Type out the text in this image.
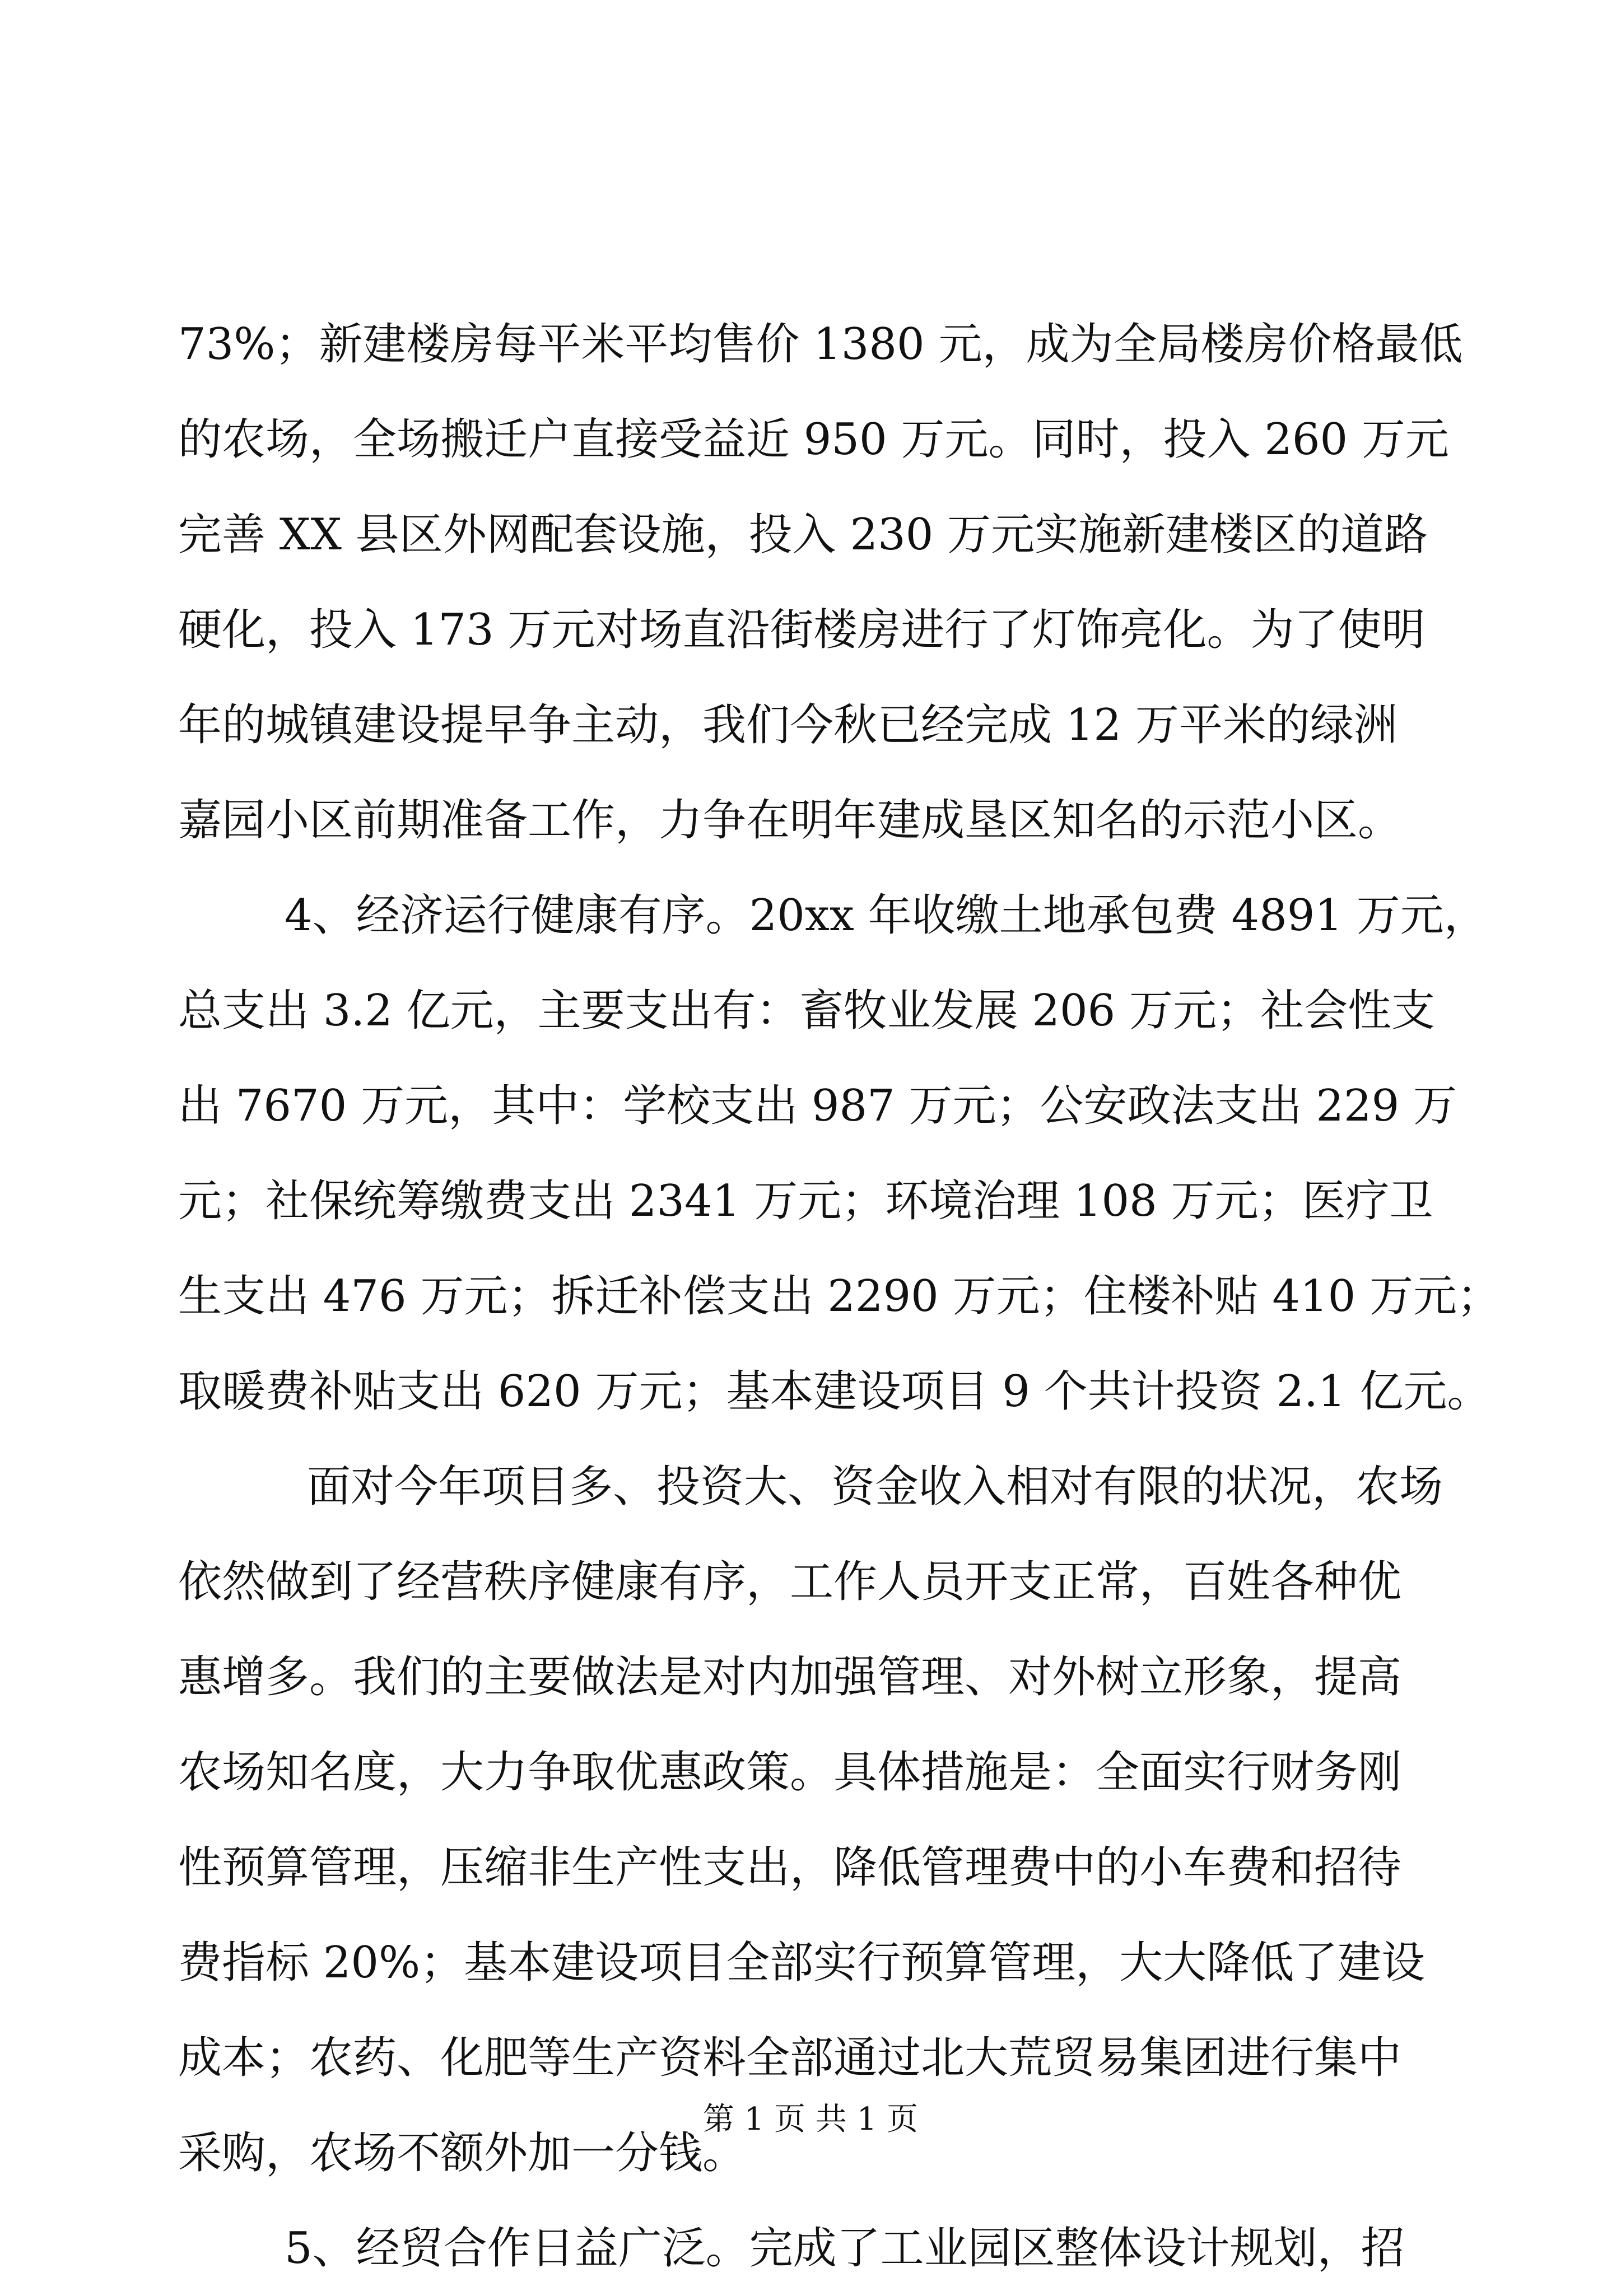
73%；新建楼房每平米平均售价 1380 元，成为全局楼房价格最低
的农场，全场搬迁户直接受益近 950 万元。同时，投入 260 万元
完善 XX 县区外网配套设施，投入 230 万元实施新建楼区的道路
硬化，投入 173 万元对场直沿街楼房进行了灯饰亮化。为了使明
年的城镇建设提早争主动，我们今秋已经完成 12 万平米的绿洲
嘉园小区前期准备工作，力争在明年建成垦区知名的示范小区。
4、经济运行健康有序。20xx 年收缴土地承包费 4891 万元，
总支出 3.2 亿元，主要支出有：畜牧业发展 206 万元；社会性支
出 7670 万元，其中：学校支出 987 万元；公安政法支出 229 万
元；社保统筹缴费支出 2341 万元；环境治理 108 万元；医疗卫
生支出 476 万元；拆迁补偿支出 2290 万元；住楼补贴 410 万元；
取暖费补贴支出 620 万元；基本建设项目 9 个共计投资 2.1 亿元。
面对今年项目多、投资大、资金收入相对有限的状况，农场
依然做到了经营秩序健康有序，工作人员开支正常，百姓各种优
惠增多。我们的主要做法是对内加强管理、对外树立形象，提高
农场知名度，大力争取优惠政策。具体措施是：全面实行财务刚
性预算管理，压缩非生产性支出，降低管理费中的小车费和招待
费指标 20%；基本建设项目全部实行预算管理，大大降低了建设
成本；农药、化肥等生产资料全部通过北大荒贸易集团进行集中
采购，农场不额外加一分钱。
5、经贸合作日益广泛。完成了工业园区整体设计规划，招
第 1 页 共 1 页
